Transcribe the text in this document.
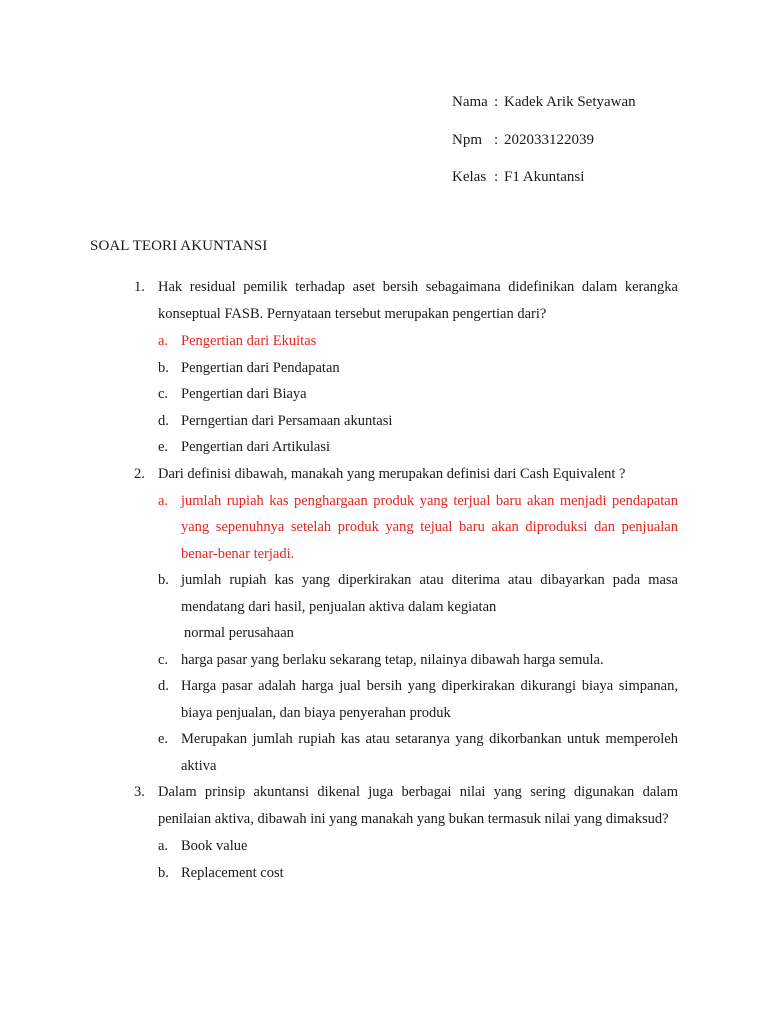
Nama : Kadek Arik Setyawan
Npm : 202033122039
Kelas : F1 Akuntansi
SOAL TEORI AKUNTANSI
1. Hak residual pemilik terhadap aset bersih sebagaimana didefinikan dalam kerangka konseptual FASB. Pernyataan tersebut merupakan pengertian dari?
a. Pengertian dari Ekuitas
b. Pengertian dari Pendapatan
c. Pengertian dari Biaya
d. Perngertian dari Persamaan akuntasi
e. Pengertian dari Artikulasi
2. Dari definisi dibawah, manakah yang merupakan definisi dari Cash Equivalent ?
a. jumlah rupiah kas penghargaan produk yang terjual baru akan menjadi pendapatan yang sepenuhnya setelah produk yang tejual baru akan diproduksi dan penjualan benar-benar terjadi.
b. jumlah rupiah kas yang diperkirakan atau diterima atau dibayarkan pada masa mendatang dari hasil, penjualan aktiva dalam kegiatan
normal perusahaan
c. harga pasar yang berlaku sekarang tetap, nilainya dibawah harga semula.
d. Harga pasar adalah harga jual bersih yang diperkirakan dikurangi biaya simpanan, biaya penjualan, dan biaya penyerahan produk
e. Merupakan jumlah rupiah kas atau setaranya yang dikorbankan untuk memperoleh aktiva
3. Dalam prinsip akuntansi dikenal juga berbagai nilai yang sering digunakan dalam penilaian aktiva, dibawah ini yang manakah yang bukan termasuk nilai yang dimaksud?
a. Book value
b. Replacement cost
